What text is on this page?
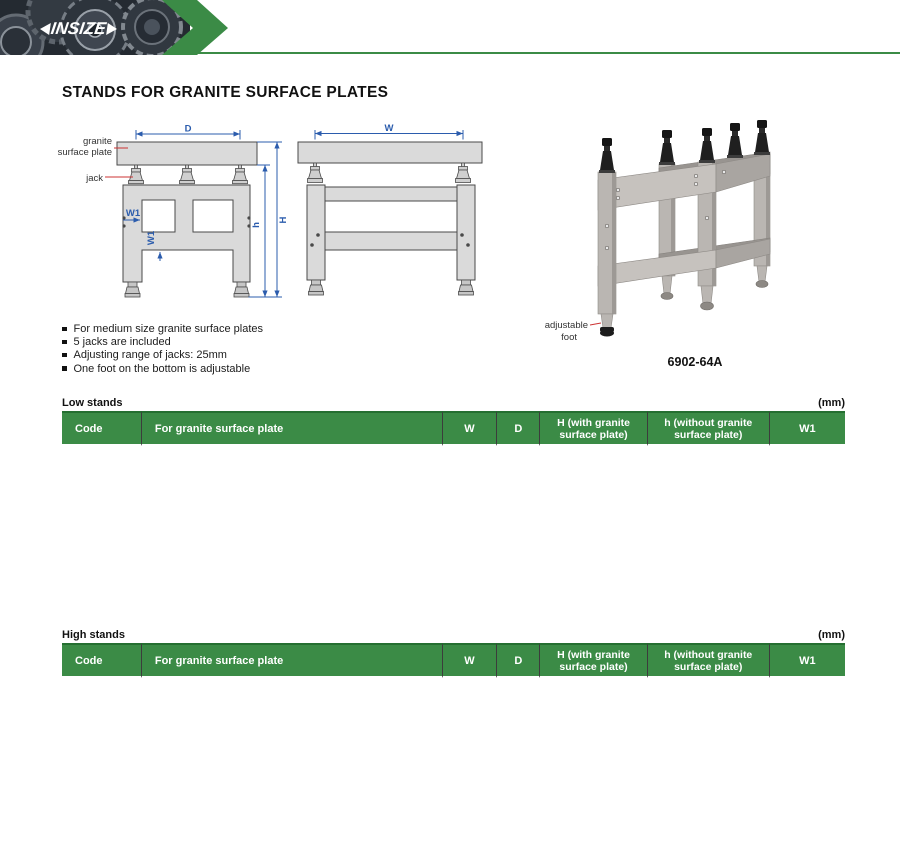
INSIZE
STANDS FOR GRANITE SURFACE PLATES
D
h
H
W1
W1
granite
surface plate
jack
W
adjustable
foot
6902-64A
For medium size granite surface plates
5 jacks are included
Adjusting range of jacks: 25mm
One foot on the bottom is adjustable
Low stands	(mm)
Code	For granite surface plate	W	D	H (with granite surface plate)	h (without granite surface plate)	W1
High stands	(mm)
Code	For granite surface plate	W	D	H (with granite surface plate)	h (without granite surface plate)	W1
